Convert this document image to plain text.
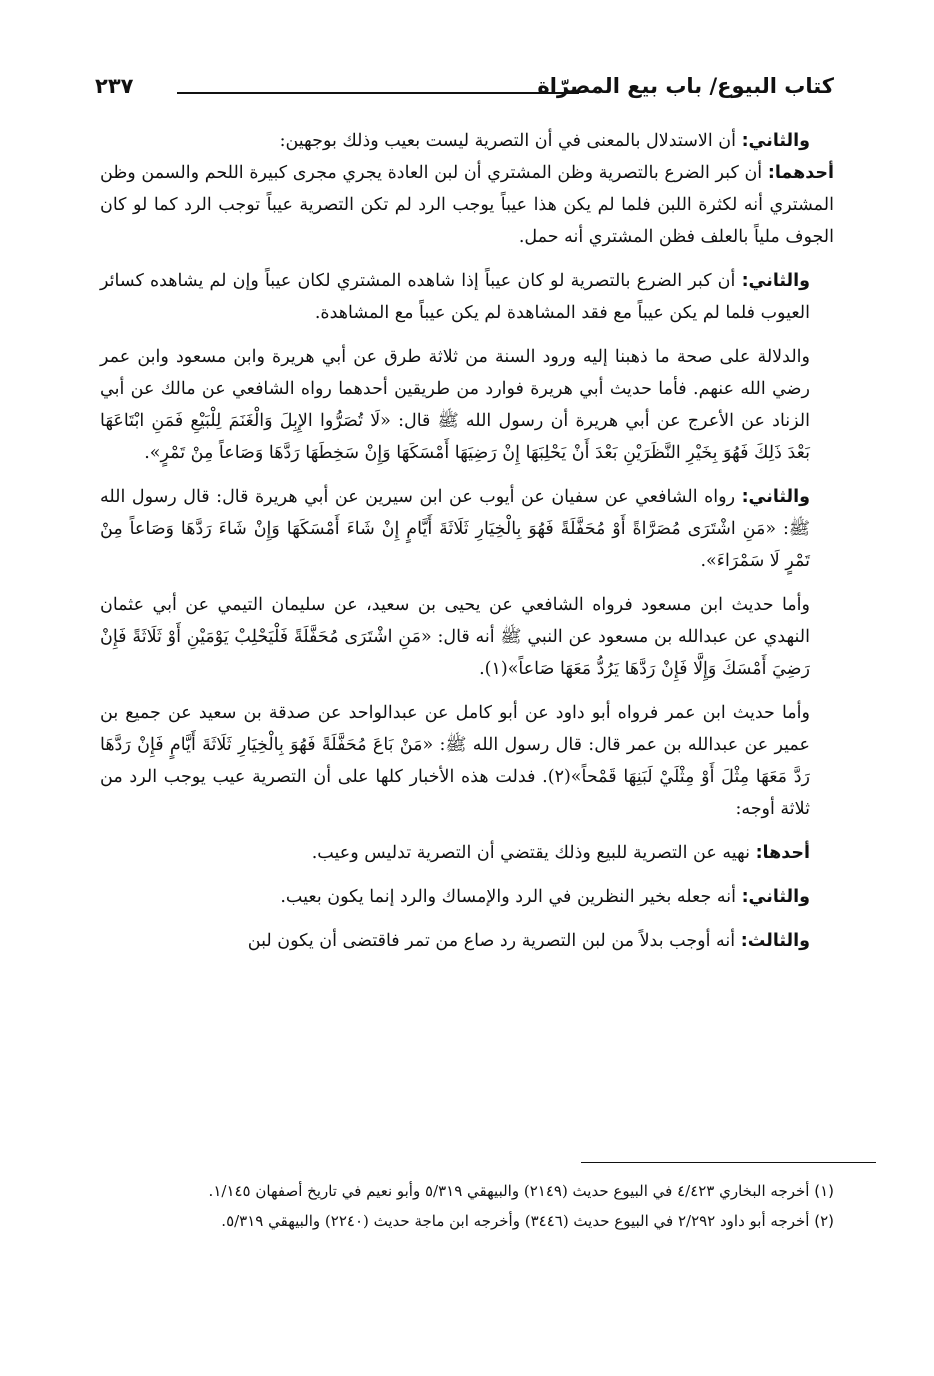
كتاب البيوع/ باب بيع المصرّاة
٢٣٧

والثاني: أن الاستدلال بالمعنى في أن التصرية ليست بعيب وذلك بوجهين:

أحدهما: أن كبر الضرع بالتصرية وظن المشتري أن لبن العادة يجري مجرى كبيرة اللحم والسمن وظن المشتري أنه لكثرة اللبن فلما لم يكن هذا عيباً يوجب الرد لم تكن التصرية عيباً توجب الرد كما لو كان الجوف ملياً بالعلف فظن المشتري أنه حمل.

والثاني: أن كبر الضرع بالتصرية لو كان عيباً إذا شاهده المشتري لكان عيباً وإن لم يشاهده كسائر العيوب فلما لم يكن عيباً مع فقد المشاهدة لم يكن عيباً مع المشاهدة.

والدلالة على صحة ما ذهبنا إليه ورود السنة من ثلاثة طرق عن أبي هريرة وابن مسعود وابن عمر رضي الله عنهم. فأما حديث أبي هريرة فوارد من طريقين أحدهما رواه الشافعي عن مالك عن أبي الزناد عن الأعرج عن أبي هريرة أن رسول الله ﷺ قال: «لَا تُصَرُّوا الإِبِلَ وَالْغَنَمَ لِلْبَيْعِ فَمَنِ ابْتَاعَهَا بَعْدَ ذَلِكَ فَهُوَ بِخَيْرِ النَّظَرَيْنِ بَعْدَ أَنْ يَحْلِبَهَا إِنْ رَضِيَهَا أَمْسَكَهَا وَإِنْ سَخِطَهَا رَدَّهَا وَصَاعاً مِنْ تَمْرٍ».

والثاني: رواه الشافعي عن سفيان عن أيوب عن ابن سيرين عن أبي هريرة قال: قال رسول الله ﷺ: «مَنِ اشْتَرَى مُصَرَّاةً أَوْ مُحَفَّلَةً فَهُوَ بِالْخِيَارِ ثَلَاثَةَ أَيَّامٍ إِنْ شَاءَ أَمْسَكَهَا وَإِنْ شَاءَ رَدَّهَا وَصَاعاً مِنْ تَمْرٍ لَا سَمْرَاءَ».

وأما حديث ابن مسعود فرواه الشافعي عن يحيى بن سعيد، عن سليمان التيمي عن أبي عثمان النهدي عن عبدالله بن مسعود عن النبي ﷺ أنه قال: «مَنِ اشْتَرَى مُحَفَّلَةً فَلْيَحْلِبْ يَوْمَيْنِ أَوْ ثَلَاثَةً فَإِنْ رَضِيَ أَمْسَكَ وَإِلَّا فَإِنْ رَدَّهَا يَرُدُّ مَعَهَا صَاعاً»(١).

وأما حديث ابن عمر فرواه أبو داود عن أبو كامل عن عبدالواحد عن صدقة بن سعيد عن جميع بن عمير عن عبدالله بن عمر قال: قال رسول الله ﷺ: «مَنْ بَاعَ مُحَفَّلَةً فَهُوَ بِالْخِيَارِ ثَلَاثَةَ أَيَّامٍ فَإِنْ رَدَّهَا رَدَّ مَعَهَا مِثْلَ أَوْ مِثْلَيْ لَبَنِهَا قَمْحاً»(٢). فدلت هذه الأخبار كلها على أن التصرية عيب يوجب الرد من ثلاثة أوجه:

أحدها: نهيه عن التصرية للبيع وذلك يقتضي أن التصرية تدليس وعيب.

والثاني: أنه جعله بخير النظرين في الرد والإمساك والرد إنما يكون بعيب.

والثالث: أنه أوجب بدلاً من لبن التصرية رد صاع من تمر فاقتضى أن يكون لبن

(١) أخرجه البخاري ٤/٤٢٣ في البيوع حديث (٢١٤٩) والبيهقي ٥/٣١٩ وأبو نعيم في تاريخ أصفهان ١/١٤٥.

(٢) أخرجه أبو داود ٢/٢٩٢ في البيوع حديث (٣٤٤٦) وأخرجه ابن ماجة حديث (٢٢٤٠) والبيهقي ٥/٣١٩.
